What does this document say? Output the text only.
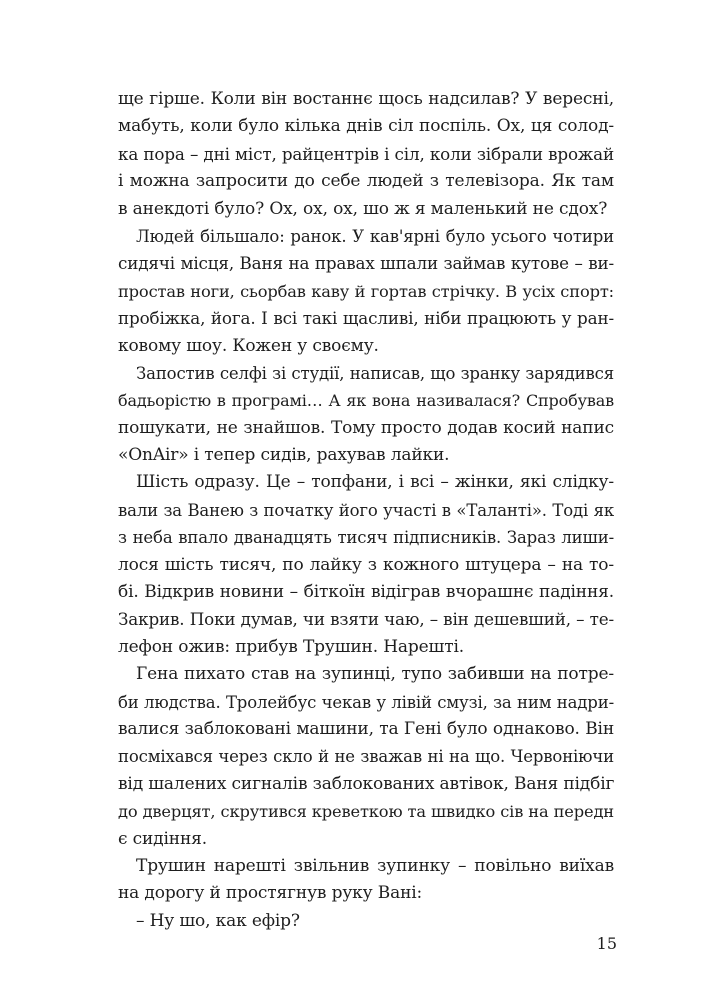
ще гірше. Коли він востаннє щось надсилав? У вересні,
мабуть, коли було кілька днів сіл поспіль. Ох, ця солод-
ка пора – дні міст, райцентрів і сіл, коли зібрали врожай
і можна запросити до себе людей з телевізора. Як там
в анекдоті було? Ох, ох, ох, шо ж я маленький не сдох?
Людей більшало: ранок. У кав'ярні було усього чотири
сидячі місця, Ваня на правах шпали займав кутове – ви-
простав ноги, сьорбав каву й гортав стрічку. В усіх спорт:
пробіжка, йога. І всі такі щасливі, ніби працюють у ран-
ковому шоу. Кожен у своєму.
Запостив селфі зі студії, написав, що зранку зарядився
бадьорістю в програмі… А як вона називалася? Спробував
пошукати, не знайшов. Тому просто додав косий напис
«OnAir» і тепер сидів, рахував лайки.
Шість одразу. Це – топфани, і всі – жінки, які слідку-
вали за Ванею з початку його участі в «Таланті». Тоді як
з неба впало дванадцять тисяч підписників. Зараз лиши-
лося шість тисяч, по лайку з кожного штуцера – на то-
бі. Відкрив новини – біткоїн відіграв вчорашнє падіння.
Закрив. Поки думав, чи взяти чаю, – він дешевший, – те-
лефон ожив: прибув Трушин. Нарешті.
Гена пихато став на зупинці, тупо забивши на потре-
би людства. Тролейбус чекав у лівій смузі, за ним надри-
валися заблоковані машини, та Гені було однаково. Він
посміхався через скло й не зважав ні на що. Червоніючи
від шалених сигналів заблокованих автівок, Ваня підбіг
до дверцят, скрутився креветкою та швидко сів на передн
є сидіння.
Трушин нарешті звільнив зупинку – повільно виїхав
на дорогу й простягнув руку Вані:
– Ну шо, как ефір?
15
